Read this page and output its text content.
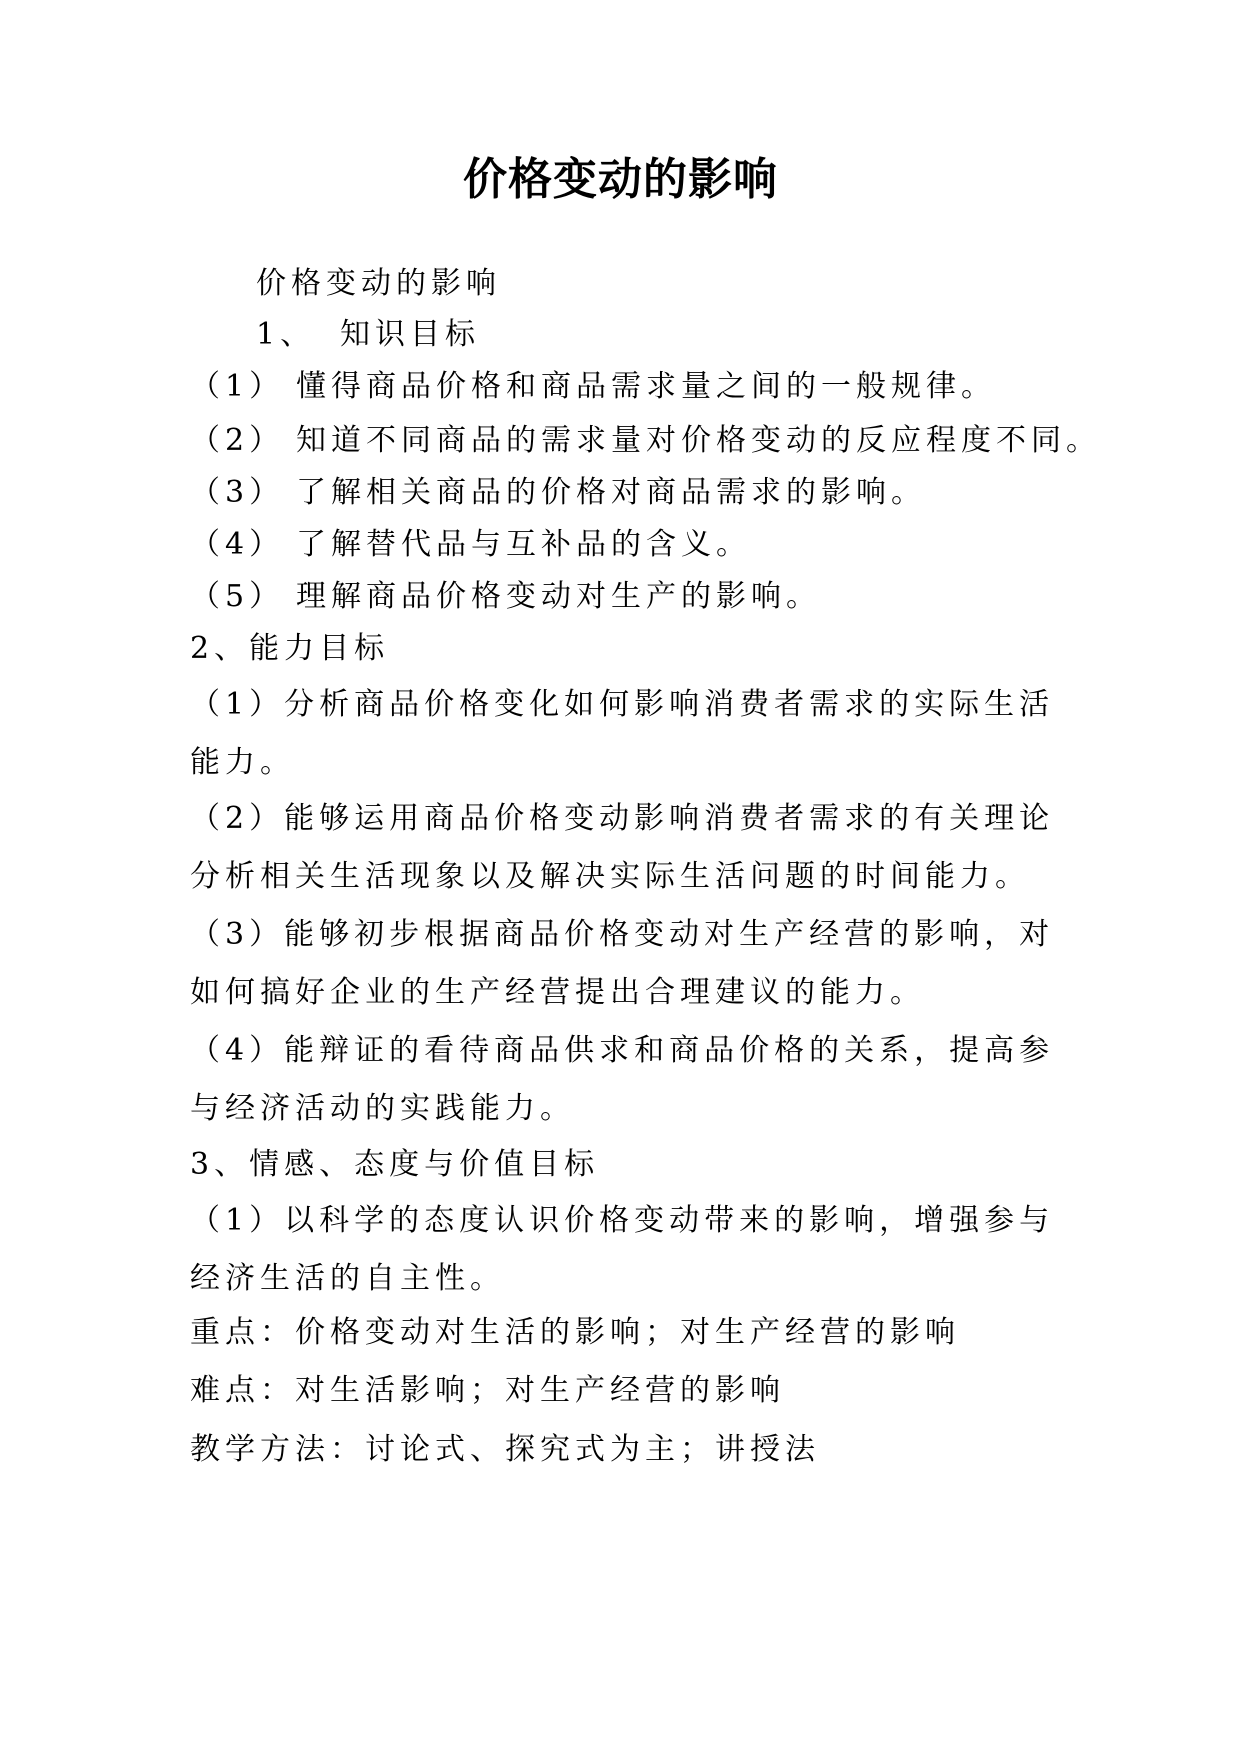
价格变动的影响
价格变动的影响
1、 知识目标
（1） 懂得商品价格和商品需求量之间的一般规律。
（2） 知道不同商品的需求量对价格变动的反应程度不同。
（3） 了解相关商品的价格对商品需求的影响。
（4） 了解替代品与互补品的含义。
（5） 理解商品价格变动对生产的影响。
2、能力目标
（1）分析商品价格变化如何影响消费者需求的实际生活能力。
（2）能够运用商品价格变动影响消费者需求的有关理论分析相关生活现象以及解决实际生活问题的时间能力。
（3）能够初步根据商品价格变动对生产经营的影响，对如何搞好企业的生产经营提出合理建议的能力。
（4）能辩证的看待商品供求和商品价格的关系，提高参与经济活动的实践能力。
3、情感、态度与价值目标
（1）以科学的态度认识价格变动带来的影响，增强参与经济生活的自主性。
重点：价格变动对生活的影响；对生产经营的影响
难点：对生活影响；对生产经营的影响
教学方法：讨论式、探究式为主；讲授法
